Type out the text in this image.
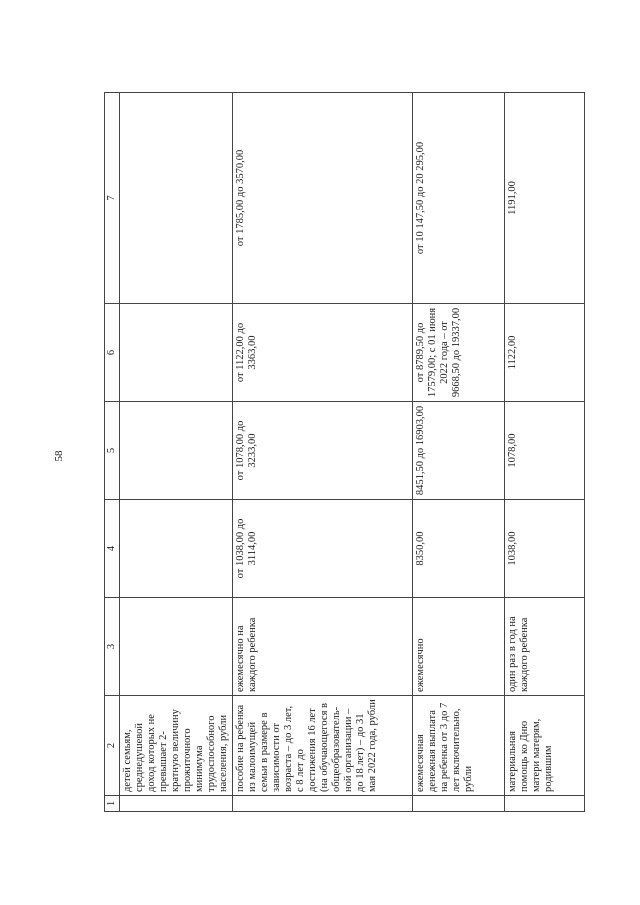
58
1	2	3	4	5	6	7
	детей семьям, среднедушевой доход которых не превышает 2-кратную величину прожиточного минимума трудоспособного населения, рубли					
	пособие на ребенка из малоимущей семьи в размере в зависимости от возраста – до 3 лет, с 8 лет до достижения 16 лет (на обучающегося в общеобразователь-ной организации – до 18 лет) – до 31 мая 2022 года, рубли	ежемесячно на каждого ребенка	от 1038,00 до 3114,00	от 1078,00 до 3233,00	от 1122,00 до 3363,00	от 1785,00 до 3570,00
	ежемесячная денежная выплата на ребенка от 3 до 7 лет включительно, рубли	ежемесячно	8350,00	8451,50 до 16903,00	от 8789,50 до 17579,00; с 01 июня 2022 года – от 9668,50 до 19337,00	от 10 147,50 до 20 295,00
	материальная помощь ко Дню матери матерям, родившим	один раз в год на каждого ребенка	1038,00	1078,00	1122,00	1191,00
